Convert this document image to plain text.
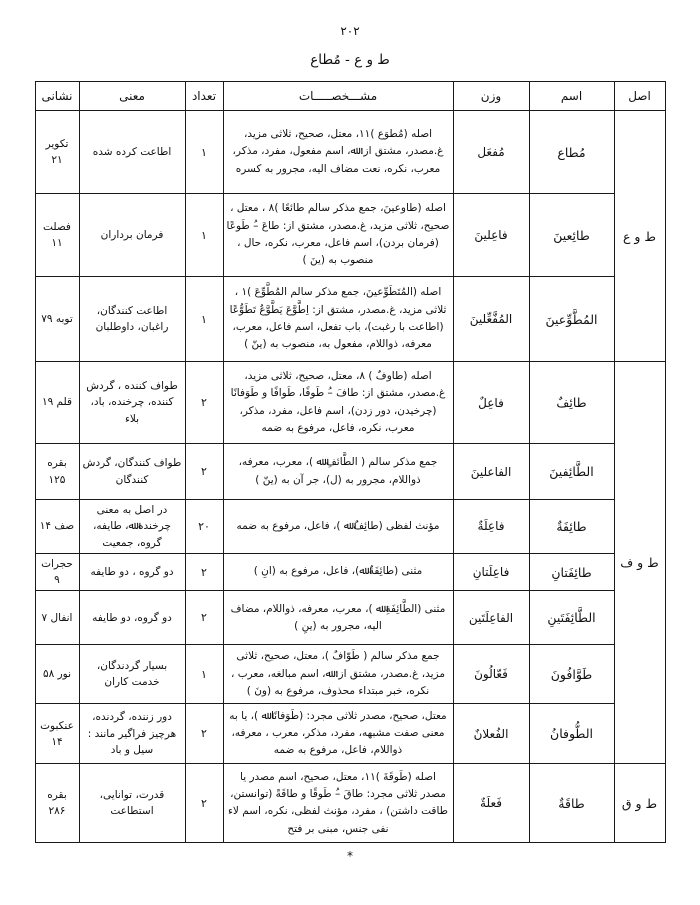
۲۰۲
ط و ع - مُطاع
اصل	اسم	وزن	مشـــخصـــــات	تعداد	معنی	نشانی
ط و ع	مُطاع	مُفعَل	اصله (مُطوَع )۱۱، معتل، صحیح، ثلاثی مزید، غ.مصدر، مشتق از: ﷲ، اسم مفعول، مفرد، مذکر، معرب، نکره، نعت مضاف الیه، مجرور به کسره	۱	اطاعت کرده شده	تکویر ۲۱
	طائِعینَ	فاعِلینَ	اصله (طاوعینَ، جمع مذکر سالم طائعًا )۸ ، معتل ، صحیح، ثلاثی مزید، غ.مصدر، مشتق از: طاعَ –ُ طَوعًا (فرمان بردن)، اسم فاعل، معرب، نکره، حال ، منصوب به (ینَ )	۱	فرمان برداران	فصلت ۱۱
	المُطَّوِّعینَ	المُفَّعِّلینَ	اصله (المُتَطَوِّعینَ، جمع مذکر سالم المُطَّوِّعَ )۱ ، ثلاثی مزید، غ.مصدر، مشتق از: اِطَّوَّعَ یَطَّوَّعُ تَطَوُّعًا (اطاعت با رغبت)، باب تفعل، اسم فاعل، معرب، معرفه، ذواللام، مفعول به، منصوب به (ینّ )	۱	اطاعت کنندگان، راغبان، داوطلبان	توبه ۷۹
ط و ف	طائِفٌ	فاعِلٌ	اصله (طاوفٌ ) ۸، معتل، صحیح، ثلاثی مزید، غ.مصدر، مشتق از: طافَ –ُ طَوفًا، طَوافًا و طَوَفانًا (چرخیدن، دور زدن)، اسم فاعل، مفرد، مذکر، معرب، نکره، فاعل، مرفوع به ضمه	۲	طواف کننده ، گردش کننده، چرخنده، باد، بلاء	قلم ۱۹
	الطَّائِفینَ	الفاعلینَ	جمع مذکر سالم ( الطَّائفِ ﷲ )، معرب، معرفه، ذواللام، مجرور به (ل)، جر آن به (ینّ )	۲	طواف کنندگان، گردش کنندگان	بقره ۱۲۵
	طائِفَةٌ	فاعِلَةٌ	مؤنث لفظی (طائِفٌ ﷲ )، فاعل، مرفوع به ضمه	۲۰	در اصل به معنی چرخنده ﷲ، طایفه، گروه، جمعیت	صف ۱۴
	طائِفَتانِ	فاعِلَتانِ	مثنی (طائِفَةٌ ﷲ)، فاعل، مرفوع به (انِ )	۲	دو گروه ، دو طایفه	حجرات ۹
	الطَّائِفَتَینِ	الفاعِلَتَین	مثنی (الطَّائِفَةِ ﷲ )، معرب، معرفه، ذواللام، مضاف الیه، مجرور به (ینِ )	۲	دو گروه، دو طایفه	انفال ۷
	طَوَّافُونَ	فَعّالُونَ	جمع مذکر سالم ( طَوّافٌ )، معتل، صحیح، ثلاثی مزید، غ.مصدر، مشتق از: ﷲ، اسم مبالغه، معرب ، نکره، خبر مبتداء محذوف، مرفوع به (ونَ )	۱	بسیار گردندگان، خدمت کاران	نور ۵۸
	الطُّوفانُ	الفُعلانٌ	معتل، صحیح، مصدر ثلاثی مجرد: (طَوَفانًا ﷲ )، یا به معنی صفت مشبهه، مفرد، مذکر، معرب ، معرفه، ذواللام، فاعل، مرفوع به ضمه	۲	دور زننده، گردنده، هرچیز فراگیر مانند : سیل و باد	عنکبوت ۱۴
ط و ق	طاقَةٌ	فَعلَةٌ	اصله (طَوقَةَ )۱۱، معتل، صحیح، اسم مصدر یا مصدر ثلاثی مجرد: طاقَ –ُ طَوقًا و طاقَةً (توانستن، طاقت داشتن) ، مفرد، مؤنث لفظی، نکره، اسم لاء نفی جنس، مبنی بر فتح	۲	قدرت، توانایی، استطاعت	بقره ۲۸۶
*
